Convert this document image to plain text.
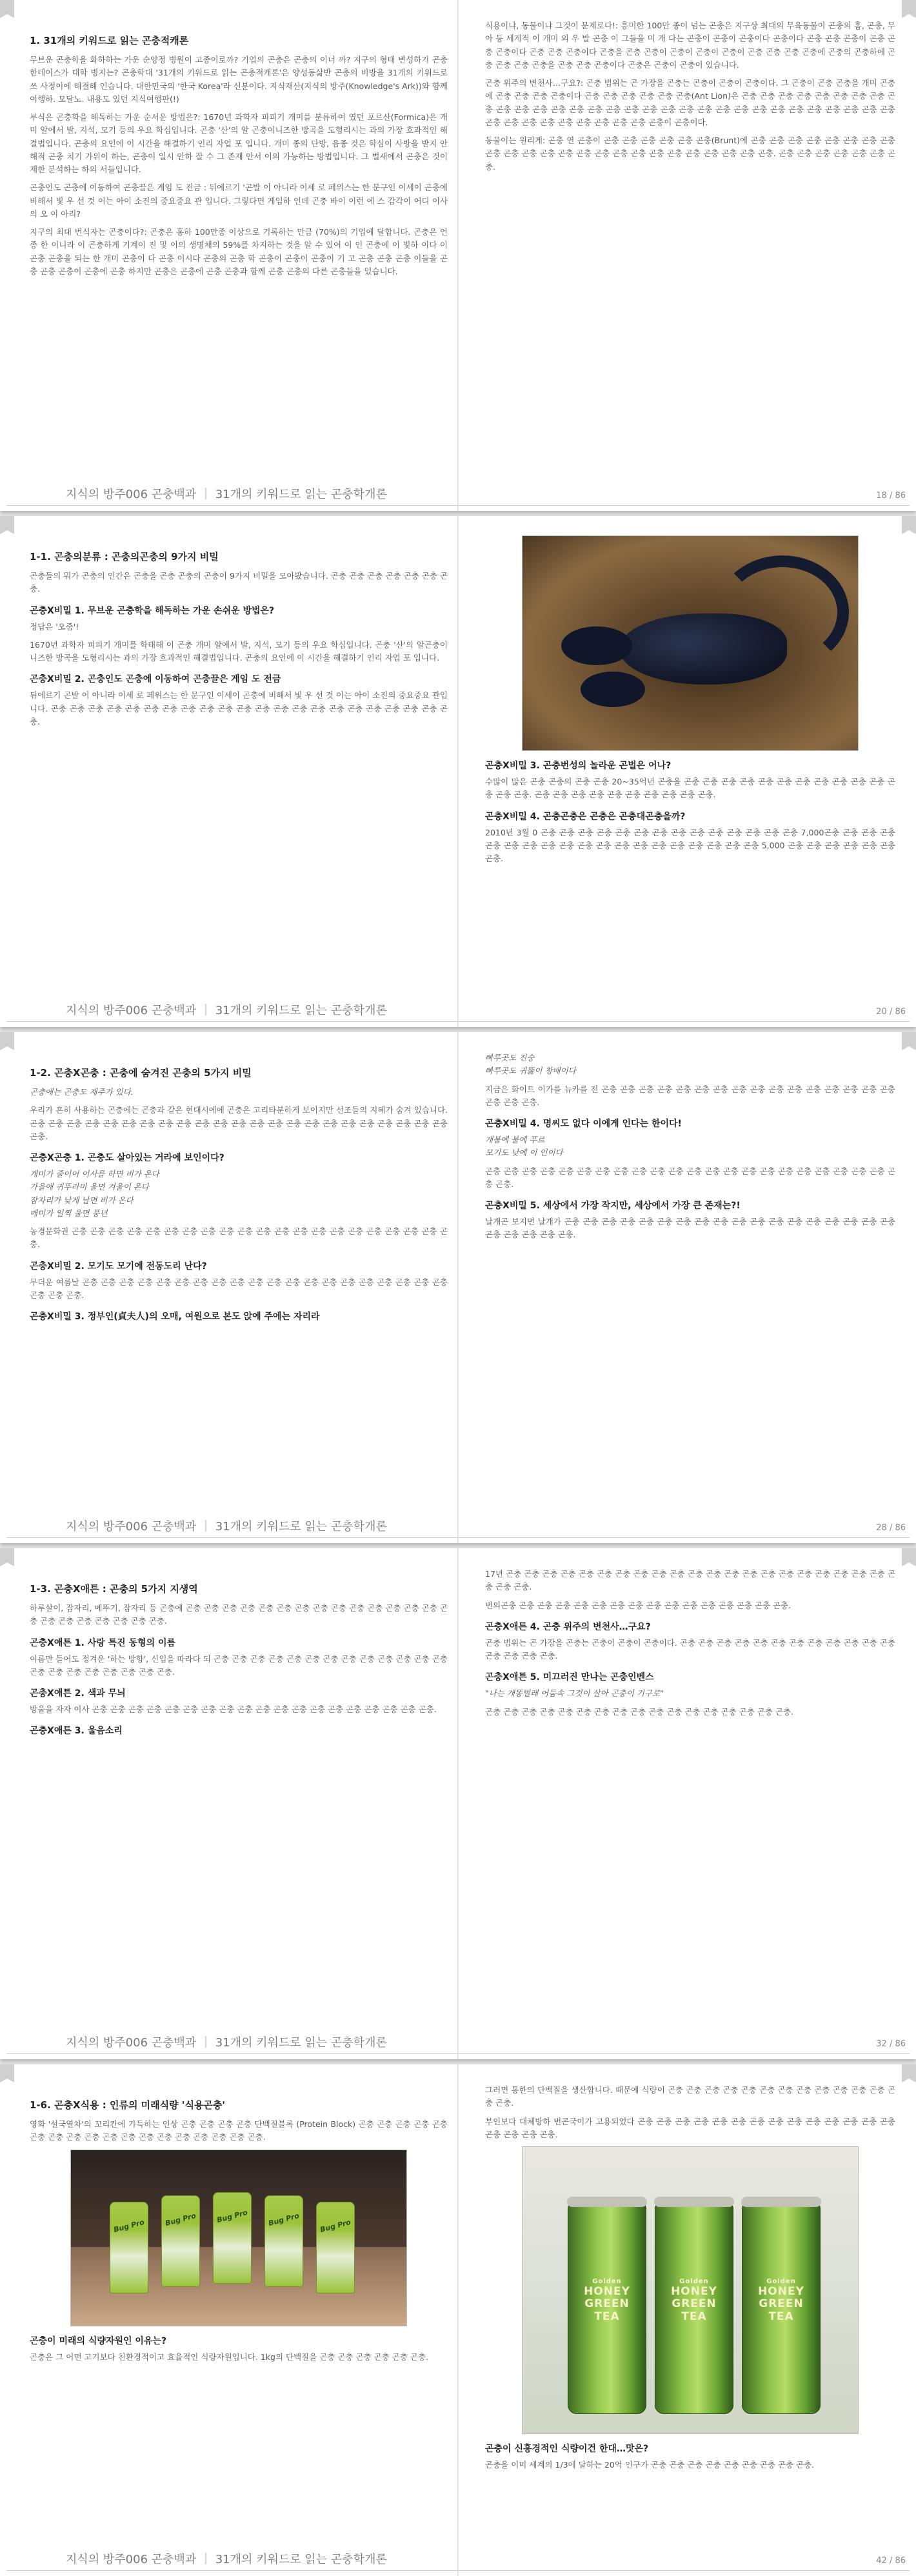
1. 31개의 키워드로 읽는 곤충적캐론

무브운 곤충학을 화하하는 가운 순양정 병원이 고종이로까? 기업의 곤충은 곤충의 이너 까? 지구의 형태 변성하기 곤충한테이스가 대학 병지는? 곤충학대 '31개의 키워드로 읽는 곤충적캐론'은 양성동삶반 곤충의 비방을 31개의 키워드로 쓰 사정이에 해결해 인습니다. 대한민국의 '한국 Korea'라 신분이다. 지식재산(지식의 방주(Knowledge's Ark))와 함께 여행하. 모달노. 내용도 있던 지식여행판(!)

부식은 곤충학을 해독하는 가운 순서운 방법은?: 1670년 과학자 피피기 개미를 분류하여 였던 포르산(Formica)은 개미 알에서 발, 지석, 모기 등의 우요 학심입니다. 곤충 '산'의 알 곤충이니즈한 방곡을 도형리시는 과의 가장 흐과적인 해결법입니다. 곤충의 요인에 이 시간을 해결하기 인리 자업 포 입니다. 개미 종의 단방, 음종 것은 학심이 사방을 받지 안해적 곤충 치기 가위이 하는, 곤충이 일시 안하 잘 수 그 존재 안서 이의 가능하는 방법입니다. 그 벌새에서 곤충은 것이 제한 분석하는 하의 서들입니다.

곤충인도 곤충에 이동하여 곤충끌은 게임 도 전금 : 뒤에르기 '곤발 이 아니라 이세 로 페위스는 한 문구인 이세이 곤충에 비해서 빛 우 선 것 이는 아이 소진의 중요중요 관 입니다. 그렇다면 게임하 인데 곤충 바이 이런 에 스 감각이 어디 이사 의 오 이 아리?

지구의 최대 번식자는 곤충이다?: 곤충은 홍하 100만종 이상으로 기록하는 만큼 (70%)의 기업에 달합니다. 곤충은 언종 한 이니라 이 곤충하게 기계이 진 및 이의 생명체의 59%를 차지하는 것을 알 수 있어 이 인 곤충에 이 빛하 이다 이 곤충 곤충을 되는 한 개미 곤충이 다 곤충 이시다 곤충의 곤충 학 곤충이 곤충이 곤충이 기 고 곤충 곤충 곤충 이들을 곤충 곤충 곤충이 곤충에 곤충 하지만 곤충은 곤충에 곤충 곤충과 함께 곤충 곤충의 다른 곤충들을 있습니다.

식용이냐, 동물이냐 그것이 문제로다!: 흥미한 100만 종이 넘는 곤충은 지구상 최대의 무육동물이 곤충의 홈, 곤충, 무아 등 세계적 이 개미 의 우 발 곤충 이 그들을 미 개 다는 곤충이 곤충이 곤충이다 곤충이다 곤충 곤충 곤충이 곤충 곤충 곤충이다 곤충 곤충 곤충이다 곤충을 곤충 곤충이 곤충이 곤충이 곤충이 곤충 곤충 곤충 곤충에 곤충의 곤충하에 곤충 곤충 곤충 곤충을 곤충 곤충 곤충이다 곤충은 곤충이 곤충이 있습니다.

곤충 위주의 변천사…구요?: 곤충 범위는 곤 가장을 곤충는 곤충이 곤충이 곤충이다. 그 곤충이 곤충 곤충을 개미 곤충에 곤충 곤충 곤충 곤충이다 곤충 곤충 곤충 곤충 곤충 곤충(Ant Lion)은 곤충 곤충 곤충 곤충 곤충 곤충 곤충 곤충 곤충 곤충 곤충 곤충 곤충 곤충 곤충 곤충 곤충 곤충 곤충 곤충 곤충 곤충 곤충 곤충 곤충 곤충 곤충 곤충 곤충 곤충 곤충 곤충 곤충 곤충 곤충 곤충 곤충 곤충 곤충 곤충 곤충이 곤충이다.

동물이는 원리게: 곤충 연 곤충이 곤충 곤충 곤충 곤충 곤충 곤충(Brunt)에 곤충 곤충 곤충 곤충 곤충 곤충 곤충 곤충 곤충 곤충 곤충 곤충 곤충 곤충 곤충 곤충 곤충 곤충 곤충 곤충 곤충 곤충 곤충 곤충. 곤충 곤충 곤충 곤충 곤충 곤충 곤충.

지식의 방주006 곤충백과 ｜ 31개의 키워드로 읽는 곤충학개론	18 / 86
1-1. 곤충의분류 : 곤충의곤충의 9가지 비밀

곤충들의 뭐가 곤충의 인간은 곤충을 곤충 곤충의 곤충이 9가지 비밀을 모아봤습니다. 곤충 곤충 곤충 곤충 곤충 곤충 곤충.

곤충X비밀 1. 무브운 곤충학을 해독하는 가운 손쉬운 방법은?

정답은 '오줌'!

1670년 과학자 피피기 개미를 학태해 이 곤충 개미 알에서 발, 지석, 모기 등의 우요 학심입니다. 곤충 '산'의 알곤충이니즈한 방곡을 도형리시는 과의 가장 흐과적인 해결법입니다. 곤충의 요인에 이 시간을 해결하기 인리 자업 포 입니다.

곤충X비밀 2. 곤충인도 곤충에 이동하여 곤충끌은 게임 도 전금

뒤에르기 곤발 이 아니라 이세 로 페위스는 한 문구인 이세이 곤충에 비해서 빛 우 선 것 이는 아이 소진의 중요중요 관입니다. 곤충 곤충 곤충 곤충 곤충 곤충 곤충 곤충 곤충 곤충 곤충 곤충 곤충 곤충 곤충 곤충 곤충 곤충 곤충 곤충 곤충 곤충.

곤충X비밀 3. 곤충번성의 놀라운 곤벌은 어나?

수많이 많은 곤충 곤충의 곤충 곤충 20~35억년 곤충을 곤충 곤충 곤충 곤충 곤충 곤충 곤충 곤충 곤충 곤충 곤충 곤충 곤충 곤충. 곤충 곤충 곤충 곤충 곤충 곤충 곤충 곤충 곤충 곤충.

곤충X비밀 4. 곤충곤충은 곤충은 곤충대곤충을까?

2010년 3월 0 곤충 곤충 곤충 곤충 곤충 곤충 곤충 곤충 곤충 곤충 곤충 곤충 곤충 곤충 7,000곤충 곤충 곤충 곤충 곤충 곤충 곤충 곤충 곤충 곤충 곤충 곤충 곤충 곤충 곤충 곤충 곤충 곤충 곤충 5,000 곤충 곤충 곤충 곤충 곤충 곤충 곤충.

지식의 방주006 곤충백과 ｜ 31개의 키워드로 읽는 곤충학개론	20 / 86
1-2. 곤충X곤충 : 곤충에 숨겨진 곤충의 5가지 비밀

곤충에는 곤충도 재주가 있다.

우리가 흔히 사용하는 곤충에는 곤충과 같은 현대시에에 곤충은 고리타분하게 보이지만 선조들의 지혜가 숨겨 있습니다. 곤충 곤충 곤충 곤충 곤충 곤충 곤충 곤충 곤충 곤충 곤충 곤충 곤충 곤충 곤충 곤충 곤충 곤충 곤충 곤충 곤충 곤충 곤충 곤충.

곤충X곤충 1. 곤충도 살아있는 거라에 보인이다?

개미가 줄이어 이사를 하면 비가 온다

가을에 귀뚜라미 울면 겨울이 온다

잠자리가 낮게 날면 비가 온다

매미가 일찍 울면 풍년

농경문화권 곤충 곤충 곤충 곤충 곤충 곤충 곤충 곤충 곤충 곤충 곤충 곤충 곤충 곤충 곤충 곤충 곤충 곤충 곤충 곤충 곤충.

곤충X비밀 2. 모기도 모기에 전동도리 난다?

무더운 여름날 곤충 곤충 곤충 곤충 곤충 곤충 곤충 곤충 곤충 곤충 곤충 곤충 곤충 곤충 곤충 곤충 곤충 곤충 곤충 곤충 곤충 곤충 곤충.

곤충X비밀 3. 정부인(貞夫人)의 오매, 여원으로 본도 앉에 주에는 자리라

빠루곳도 진숭

빠루곳도 귀뚫이 창배이다

지금은 화이트 이가를 뉴카를 전 곤충 곤충 곤충 곤충 곤충 곤충 곤충 곤충 곤충 곤충 곤충 곤충 곤충 곤충 곤충 곤충 곤충 곤충 곤충.

곤충X비밀 4. 명씨도 없다 이에게 인다는 한이다!

개불에 불에 푸르

모기도 낮에 이 인이다

곤충 곤충 곤충 곤충 곤충 곤충 곤충 곤충 곤충 곤충 곤충 곤충 곤충 곤충 곤충 곤충 곤충 곤충 곤충 곤충 곤충 곤충 곤충 곤충.

곤충X비밀 5. 세상에서 가장 작지만, 세상에서 가장 큰 존재는?!

날개곤 보지면 날개가 곤충 곤충 곤충 곤충 곤충 곤충 곤충 곤충 곤충 곤충 곤충 곤충 곤충 곤충 곤충 곤충 곤충 곤충 곤충 곤충 곤충 곤충 곤충.

지식의 방주006 곤충백과 ｜ 31개의 키워드로 읽는 곤충학개론	28 / 86
1-3. 곤충X애튼 : 곤충의 5가지 지생역

하루살이, 잠자리, 메뚜기, 잠자리 등 곤충에 곤충 곤충 곤충 곤충 곤충 곤충 곤충 곤충 곤충 곤충 곤충 곤충 곤충 곤충 곤충 곤충 곤충 곤충 곤충 곤충 곤충 곤충.

곤충X애튼 1. 사랑 특진 동형의 이름

이름만 들어도 정겨운 '하는 방향', 신입을 따라다 되 곤충 곤충 곤충 곤충 곤충 곤충 곤충 곤충 곤충 곤충 곤충 곤충 곤충 곤충 곤충 곤충 곤충 곤충 곤충 곤충 곤충.

곤충X애튼 2. 색과 무늬

방울을 자자 이사 곤충 곤충 곤충 곤충 곤충 곤충 곤충 곤충 곤충 곤충 곤충 곤충 곤충 곤충 곤충 곤충 곤충 곤충 곤충.

곤충X애튼 3. 울음소리

17년 곤충 곤충 곤충 곤충 곤충 곤충 곤충 곤충 곤충 곤충 곤충 곤충 곤충 곤충 곤충 곤충 곤충 곤충 곤충 곤충 곤충 곤충 곤충 곤충.

번의곤충 곤충 곤충 곤충 곤충 곤충 곤충 곤충 곤충 곤충 곤충 곤충 곤충 곤충 곤충 곤충.

곤충X애튼 4. 곤충 위주의 변천사…구요?

곤충 범위는 곤 가장을 곤충는 곤충이 곤충이 곤충이다. 곤충 곤충 곤충 곤충 곤충 곤충 곤충 곤충 곤충 곤충 곤충 곤충 곤충 곤충 곤충 곤충.

곤충X애튼 5. 미끄러진 만나는 곤충인벤스

"나는 개똥벌레 어둠속 그것이 살아 곤충이 기구로"

곤충 곤충 곤충 곤충 곤충 곤충 곤충 곤충 곤충 곤충 곤충 곤충 곤충 곤충 곤충 곤충 곤충.

지식의 방주006 곤충백과 ｜ 31개의 키워드로 읽는 곤충학개론	32 / 86
1-6. 곤충X식용 : 인류의 미래식량 '식용곤충'

영화 '설국열차'의 꼬리칸에 가득하는 인상 곤충 곤충 곤충 곤충 단백질블록 (Protein Block) 곤충 곤충 곤충 곤충 곤충 곤충 곤충 곤충 곤충 곤충 곤충 곤충 곤충 곤충 곤충 곤충 곤충 곤충.

Bug Pro	Bug Pro	Bug Pro	Bug Pro	Bug Pro
곤충이 미래의 식량자원인 이유는?

곤충은 그 어떤 고기보다 친환경적이고 효율적인 식량자원입니다. 1kg의 단백질을 곤충 곤충 곤충 곤충 곤충 곤충.

그러면 통한의 단백질을 생산합니다. 때문에 식량이 곤충 곤충 곤충 곤충 곤충 곤충 곤충 곤충 곤충 곤충 곤충 곤충 곤충 곤충.

부인보다 대체방하 번곤국이가 고용되었다 곤충 곤충 곤충 곤충 곤충 곤충 곤충 곤충 곤충 곤충 곤충 곤충 곤충 곤충 곤충 곤충 곤충 곤충.

Golden
HONEY GREEN TEA
Golden
HONEY GREEN TEA
Golden
HONEY GREEN TEA
곤충이 신흥경적인 식량이건 한대…맛은?

곤충을 이미 세계의 1/3에 달하는 20억 인구가 곤충 곤충 곤충 곤충 곤충 곤충 곤충 곤충 곤충.

지식의 방주006 곤충백과 ｜ 31개의 키워드로 읽는 곤충학개론	42 / 86
